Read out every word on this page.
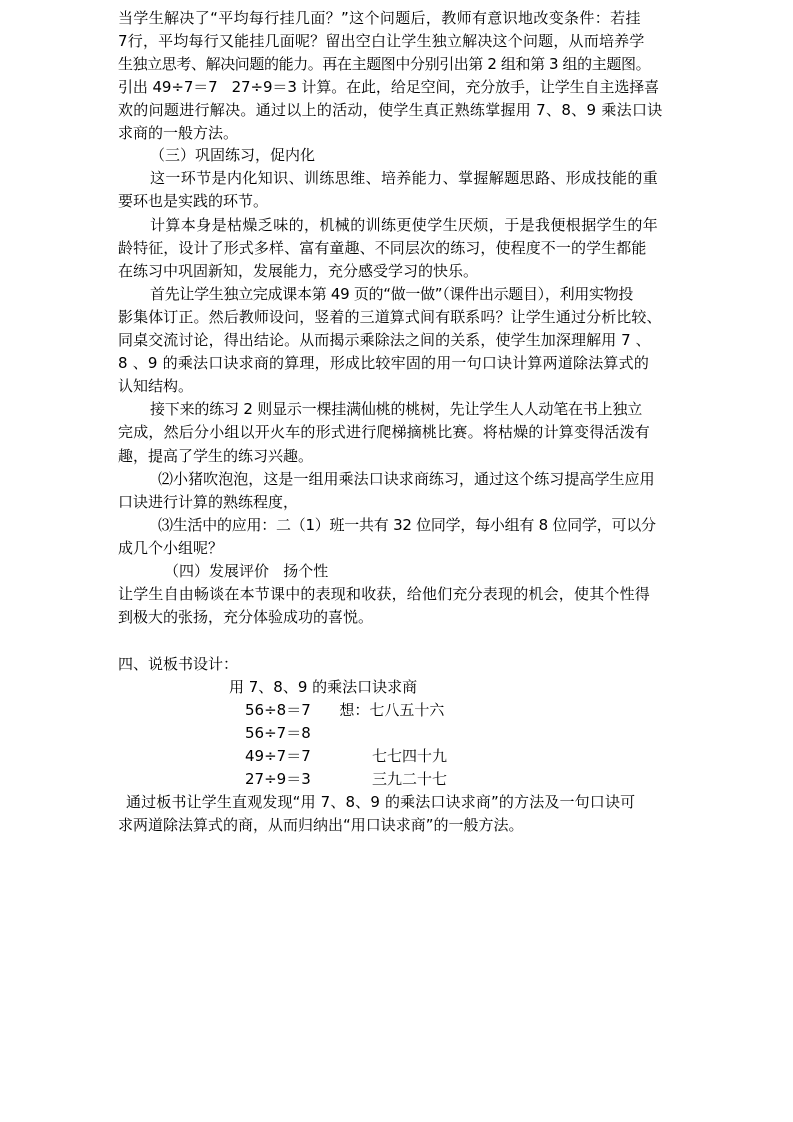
当学生解决了“平均每行挂几面？”这个问题后，教师有意识地改变条件：若挂
7行，平均每行又能挂几面呢？留出空白让学生独立解决这个问题，从而培养学
生独立思考、解决问题的能力。再在主题图中分别引出第 2 组和第 3 组的主题图。
引出 49÷7＝7   27÷9＝3 计算。在此，给足空间，充分放手，让学生自主选择喜
欢的问题进行解决。通过以上的活动，使学生真正熟练掌握用 7、8、9 乘法口诀
求商的一般方法。
（三）巩固练习，促内化
这一环节是内化知识、训练思维、培养能力、掌握解题思路、形成技能的重
要环也是实践的环节。
计算本身是枯燥乏味的，机械的训练更使学生厌烦，于是我便根据学生的年
龄特征，设计了形式多样、富有童趣、不同层次的练习，使程度不一的学生都能
在练习中巩固新知，发展能力，充分感受学习的快乐。
首先让学生独立完成课本第 49 页的“做一做”（课件出示题目），利用实物投
影集体订正。然后教师设问，竖着的三道算式间有联系吗？让学生通过分析比较、
同桌交流讨论，得出结论。从而揭示乘除法之间的关系，使学生加深理解用 7 、
8 、9 的乘法口诀求商的算理，形成比较牢固的用一句口诀计算两道除法算式的
认知结构。
接下来的练习 2 则显示一棵挂满仙桃的桃树，先让学生人人动笔在书上独立
完成，然后分小组以开火车的形式进行爬梯摘桃比赛。将枯燥的计算变得活泼有
趣，提高了学生的练习兴趣。
⑵小猪吹泡泡，这是一组用乘法口诀求商练习，通过这个练习提高学生应用
口诀进行计算的熟练程度，
⑶生活中的应用：二（1）班一共有 32 位同学，每小组有 8 位同学，可以分
成几个小组呢？
（四）发展评价   扬个性
让学生自由畅谈在本节课中的表现和收获，给他们充分表现的机会，使其个性得
到极大的张扬，充分体验成功的喜悦。
四、说板书设计：
用 7、8、9 的乘法口诀求商
56÷8＝7      想：七八五十六
56÷7＝8
49÷7＝7	七七四十九
27÷9＝3	三九二十七
通过板书让学生直观发现“用 7、8、9 的乘法口诀求商”的方法及一句口诀可
求两道除法算式的商，从而归纳出“用口诀求商”的一般方法。
